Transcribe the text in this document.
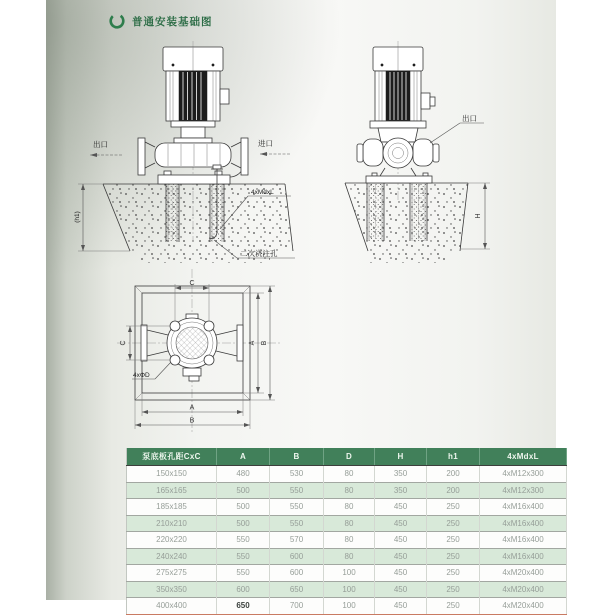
普通安装基础图
(h1)
出口	进口
4xMdxL
二次浇注孔
H
出口
C
C	A B
A
B
4xΦD
泵底板孔距CxC	A	B	D	H	h1	4xMdxL
150x150	480	530	80	350	200	4xM12x300
165x165	500	550	80	350	200	4xM12x300
185x185	500	550	80	450	250	4xM16x400
210x210	500	550	80	450	250	4xM16x400
220x220	550	570	80	450	250	4xM16x400
240x240	550	600	80	450	250	4xM16x400
275x275	550	600	100	450	250	4xM20x400
350x350	600	650	100	450	250	4xM20x400
400x400	650	700	100	450	250	4xM20x400
